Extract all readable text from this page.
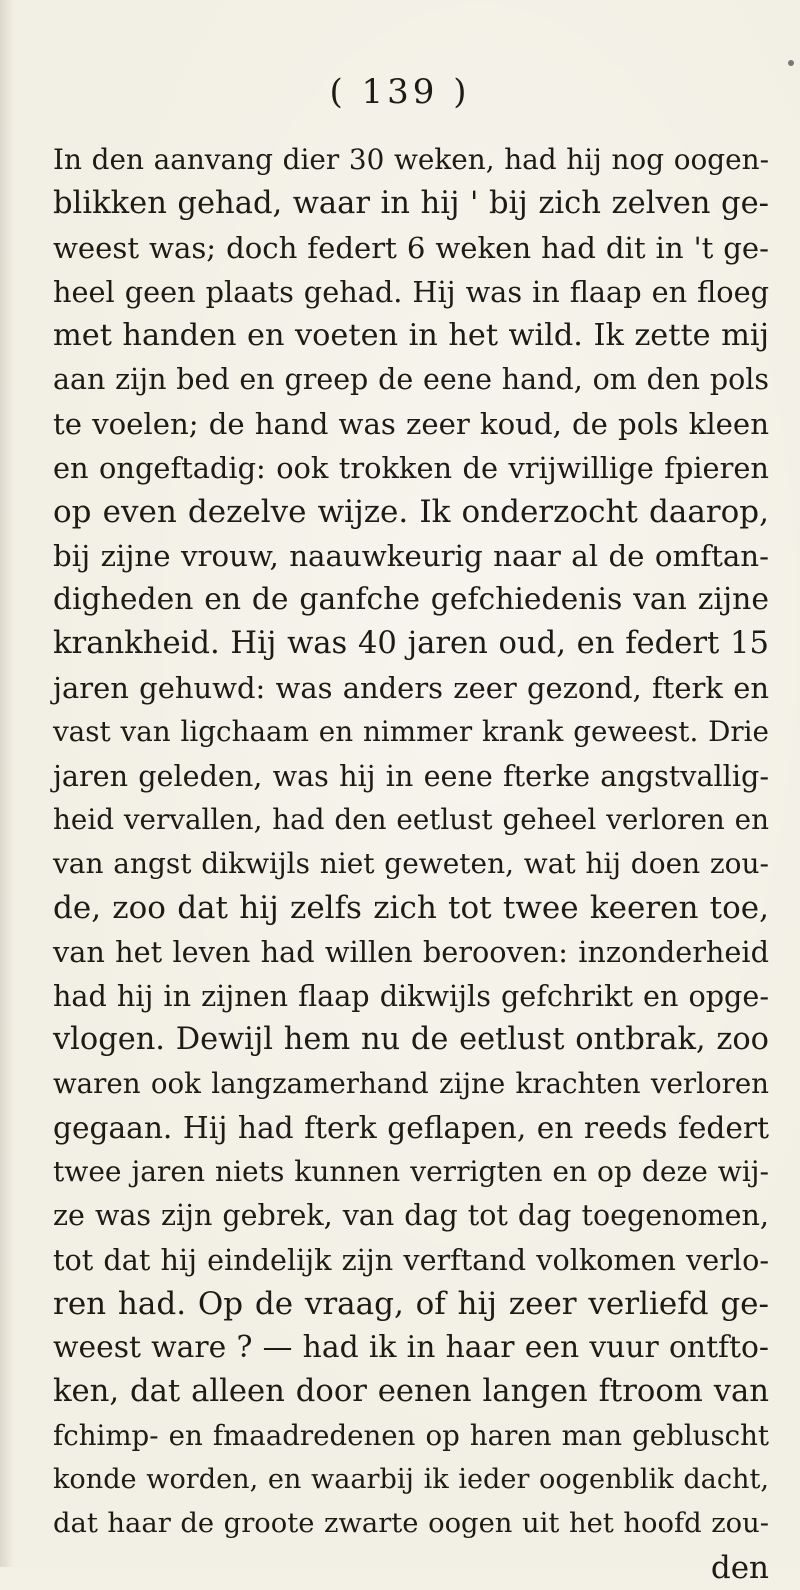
( 139 )
In den aanvang dier 30 weken, had hij nog oogen-
blikken gehad, waar in hij ' bij zich zelven ge-
weest was; doch federt 6 weken had dit in 't ge-
heel geen plaats gehad. Hij was in flaap en floeg
met handen en voeten in het wild. Ik zette mij
aan zijn bed en greep de eene hand, om den pols
te voelen; de hand was zeer koud, de pols kleen
en ongeftadig: ook trokken de vrijwillige fpieren
op even dezelve wijze. Ik onderzocht daarop,
bij zijne vrouw, naauwkeurig naar al de omftan-
digheden en de ganfche gefchiedenis van zijne
krankheid. Hij was 40 jaren oud, en federt 15
jaren gehuwd: was anders zeer gezond, fterk en
vast van ligchaam en nimmer krank geweest. Drie
jaren geleden, was hij in eene fterke angstvallig-
heid vervallen, had den eetlust geheel verloren en
van angst dikwijls niet geweten, wat hij doen zou-
de, zoo dat hij zelfs zich tot twee keeren toe,
van het leven had willen berooven: inzonderheid
had hij in zijnen flaap dikwijls gefchrikt en opge-
vlogen. Dewijl hem nu de eetlust ontbrak, zoo
waren ook langzamerhand zijne krachten verloren
gegaan. Hij had fterk geflapen, en reeds federt
twee jaren niets kunnen verrigten en op deze wij-
ze was zijn gebrek, van dag tot dag toegenomen,
tot dat hij eindelijk zijn verftand volkomen verlo-
ren had. Op de vraag, of hij zeer verliefd ge-
weest ware ? — had ik in haar een vuur ontfto-
ken, dat alleen door eenen langen ftroom van
fchimp- en fmaadredenen op haren man gebluscht
konde worden, en waarbij ik ieder oogenblik dacht,
dat haar de groote zwarte oogen uit het hoofd zou-
den
